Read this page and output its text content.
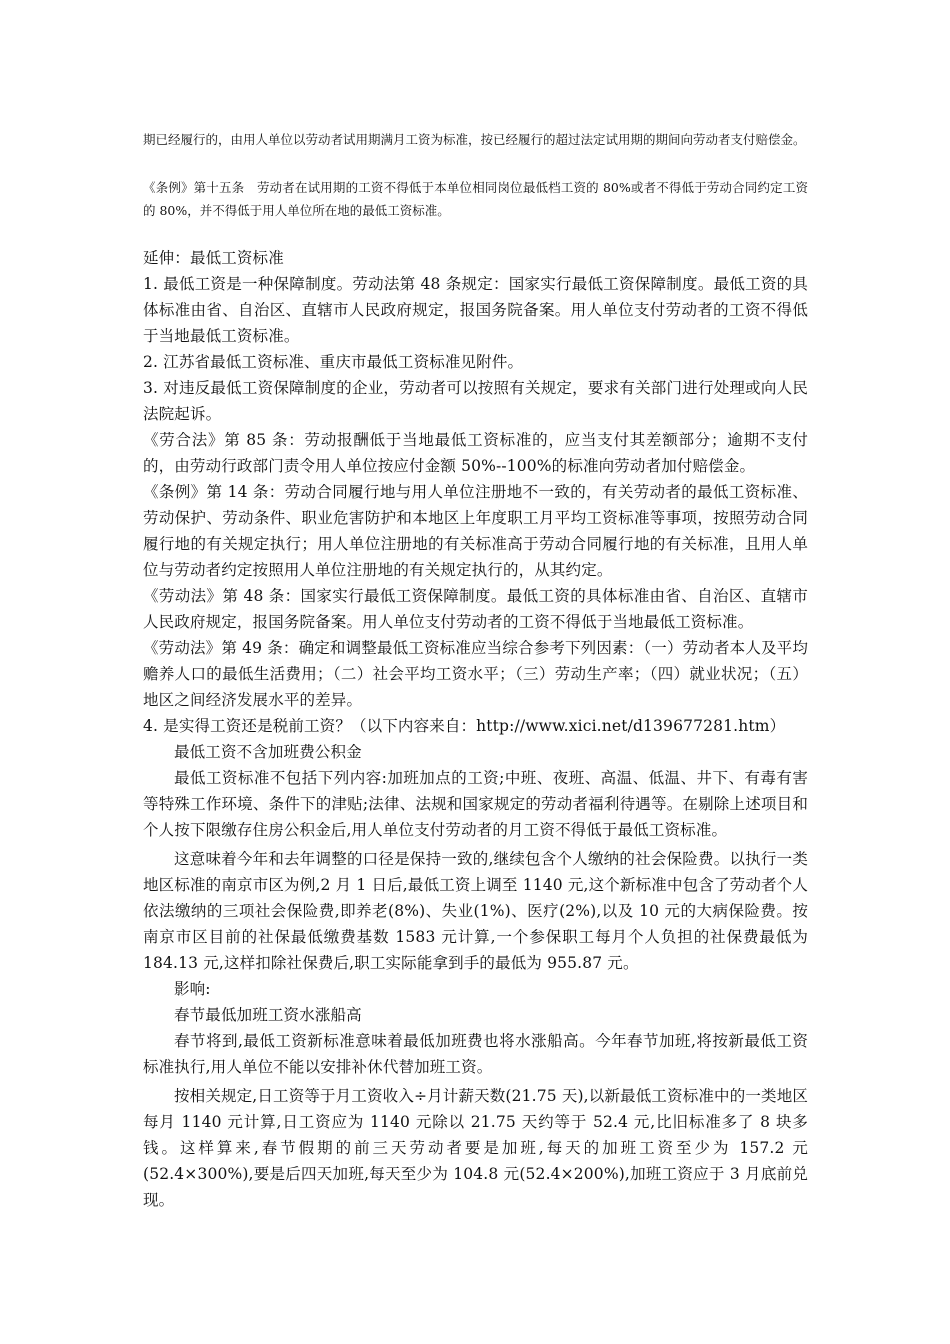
期已经履行的，由用人单位以劳动者试用期满月工资为标准，按已经履行的超过法定试用期的期间向劳动者支付赔偿金。
《条例》第十五条　劳动者在试用期的工资不得低于本单位相同岗位最低档工资的 80%或者不得低于劳动合同约定工资的 80%，并不得低于用人单位所在地的最低工资标准。

延伸：最低工资标准

1. 最低工资是一种保障制度。劳动法第 48 条规定：国家实行最低工资保障制度。最低工资的具体标准由省、自治区、直辖市人民政府规定，报国务院备案。用人单位支付劳动者的工资不得低于当地最低工资标准。

2. 江苏省最低工资标准、重庆市最低工资标准见附件。

3. 对违反最低工资保障制度的企业，劳动者可以按照有关规定，要求有关部门进行处理或向人民法院起诉。

《劳合法》第 85 条：劳动报酬低于当地最低工资标准的，应当支付其差额部分；逾期不支付的，由劳动行政部门责令用人单位按应付金额 50%--100%的标准向劳动者加付赔偿金。

《条例》第 14 条：劳动合同履行地与用人单位注册地不一致的，有关劳动者的最低工资标准、劳动保护、劳动条件、职业危害防护和本地区上年度职工月平均工资标准等事项，按照劳动合同履行地的有关规定执行；用人单位注册地的有关标准高于劳动合同履行地的有关标准，且用人单位与劳动者约定按照用人单位注册地的有关规定执行的，从其约定。

《劳动法》第 48 条：国家实行最低工资保障制度。最低工资的具体标准由省、自治区、直辖市人民政府规定，报国务院备案。用人单位支付劳动者的工资不得低于当地最低工资标准。

《劳动法》第 49 条：确定和调整最低工资标准应当综合参考下列因素：（一）劳动者本人及平均赡养人口的最低生活费用；（二）社会平均工资水平；（三）劳动生产率；（四）就业状况；（五）地区之间经济发展水平的差异。

4. 是实得工资还是税前工资？（以下内容来自：http://www.xici.net/d139677281.htm）

最低工资不含加班费公积金

最低工资标准不包括下列内容:加班加点的工资;中班、夜班、高温、低温、井下、有毒有害等特殊工作环境、条件下的津贴;法律、法规和国家规定的劳动者福利待遇等。在剔除上述项目和个人按下限缴存住房公积金后,用人单位支付劳动者的月工资不得低于最低工资标准。

这意味着今年和去年调整的口径是保持一致的,继续包含个人缴纳的社会保险费。以执行一类地区标准的南京市区为例,2 月 1 日后,最低工资上调至 1140 元,这个新标准中包含了劳动者个人依法缴纳的三项社会保险费,即养老(8%)、失业(1%)、医疗(2%),以及 10 元的大病保险费。按南京市区目前的社保最低缴费基数 1583 元计算,一个参保职工每月个人负担的社保费最低为 184.13 元,这样扣除社保费后,职工实际能拿到手的最低为 955.87 元。

影响:

春节最低加班工资水涨船高

春节将到,最低工资新标准意味着最低加班费也将水涨船高。今年春节加班,将按新最低工资标准执行,用人单位不能以安排补休代替加班工资。

按相关规定,日工资等于月工资收入÷月计薪天数(21.75 天),以新最低工资标准中的一类地区每月 1140 元计算,日工资应为 1140 元除以 21.75 天约等于 52.4 元,比旧标准多了 8 块多钱。这样算来,春节假期的前三天劳动者要是加班,每天的加班工资至少为 157.2 元(52.4×300%),要是后四天加班,每天至少为 104.8 元(52.4×200%),加班工资应于 3 月底前兑现。
